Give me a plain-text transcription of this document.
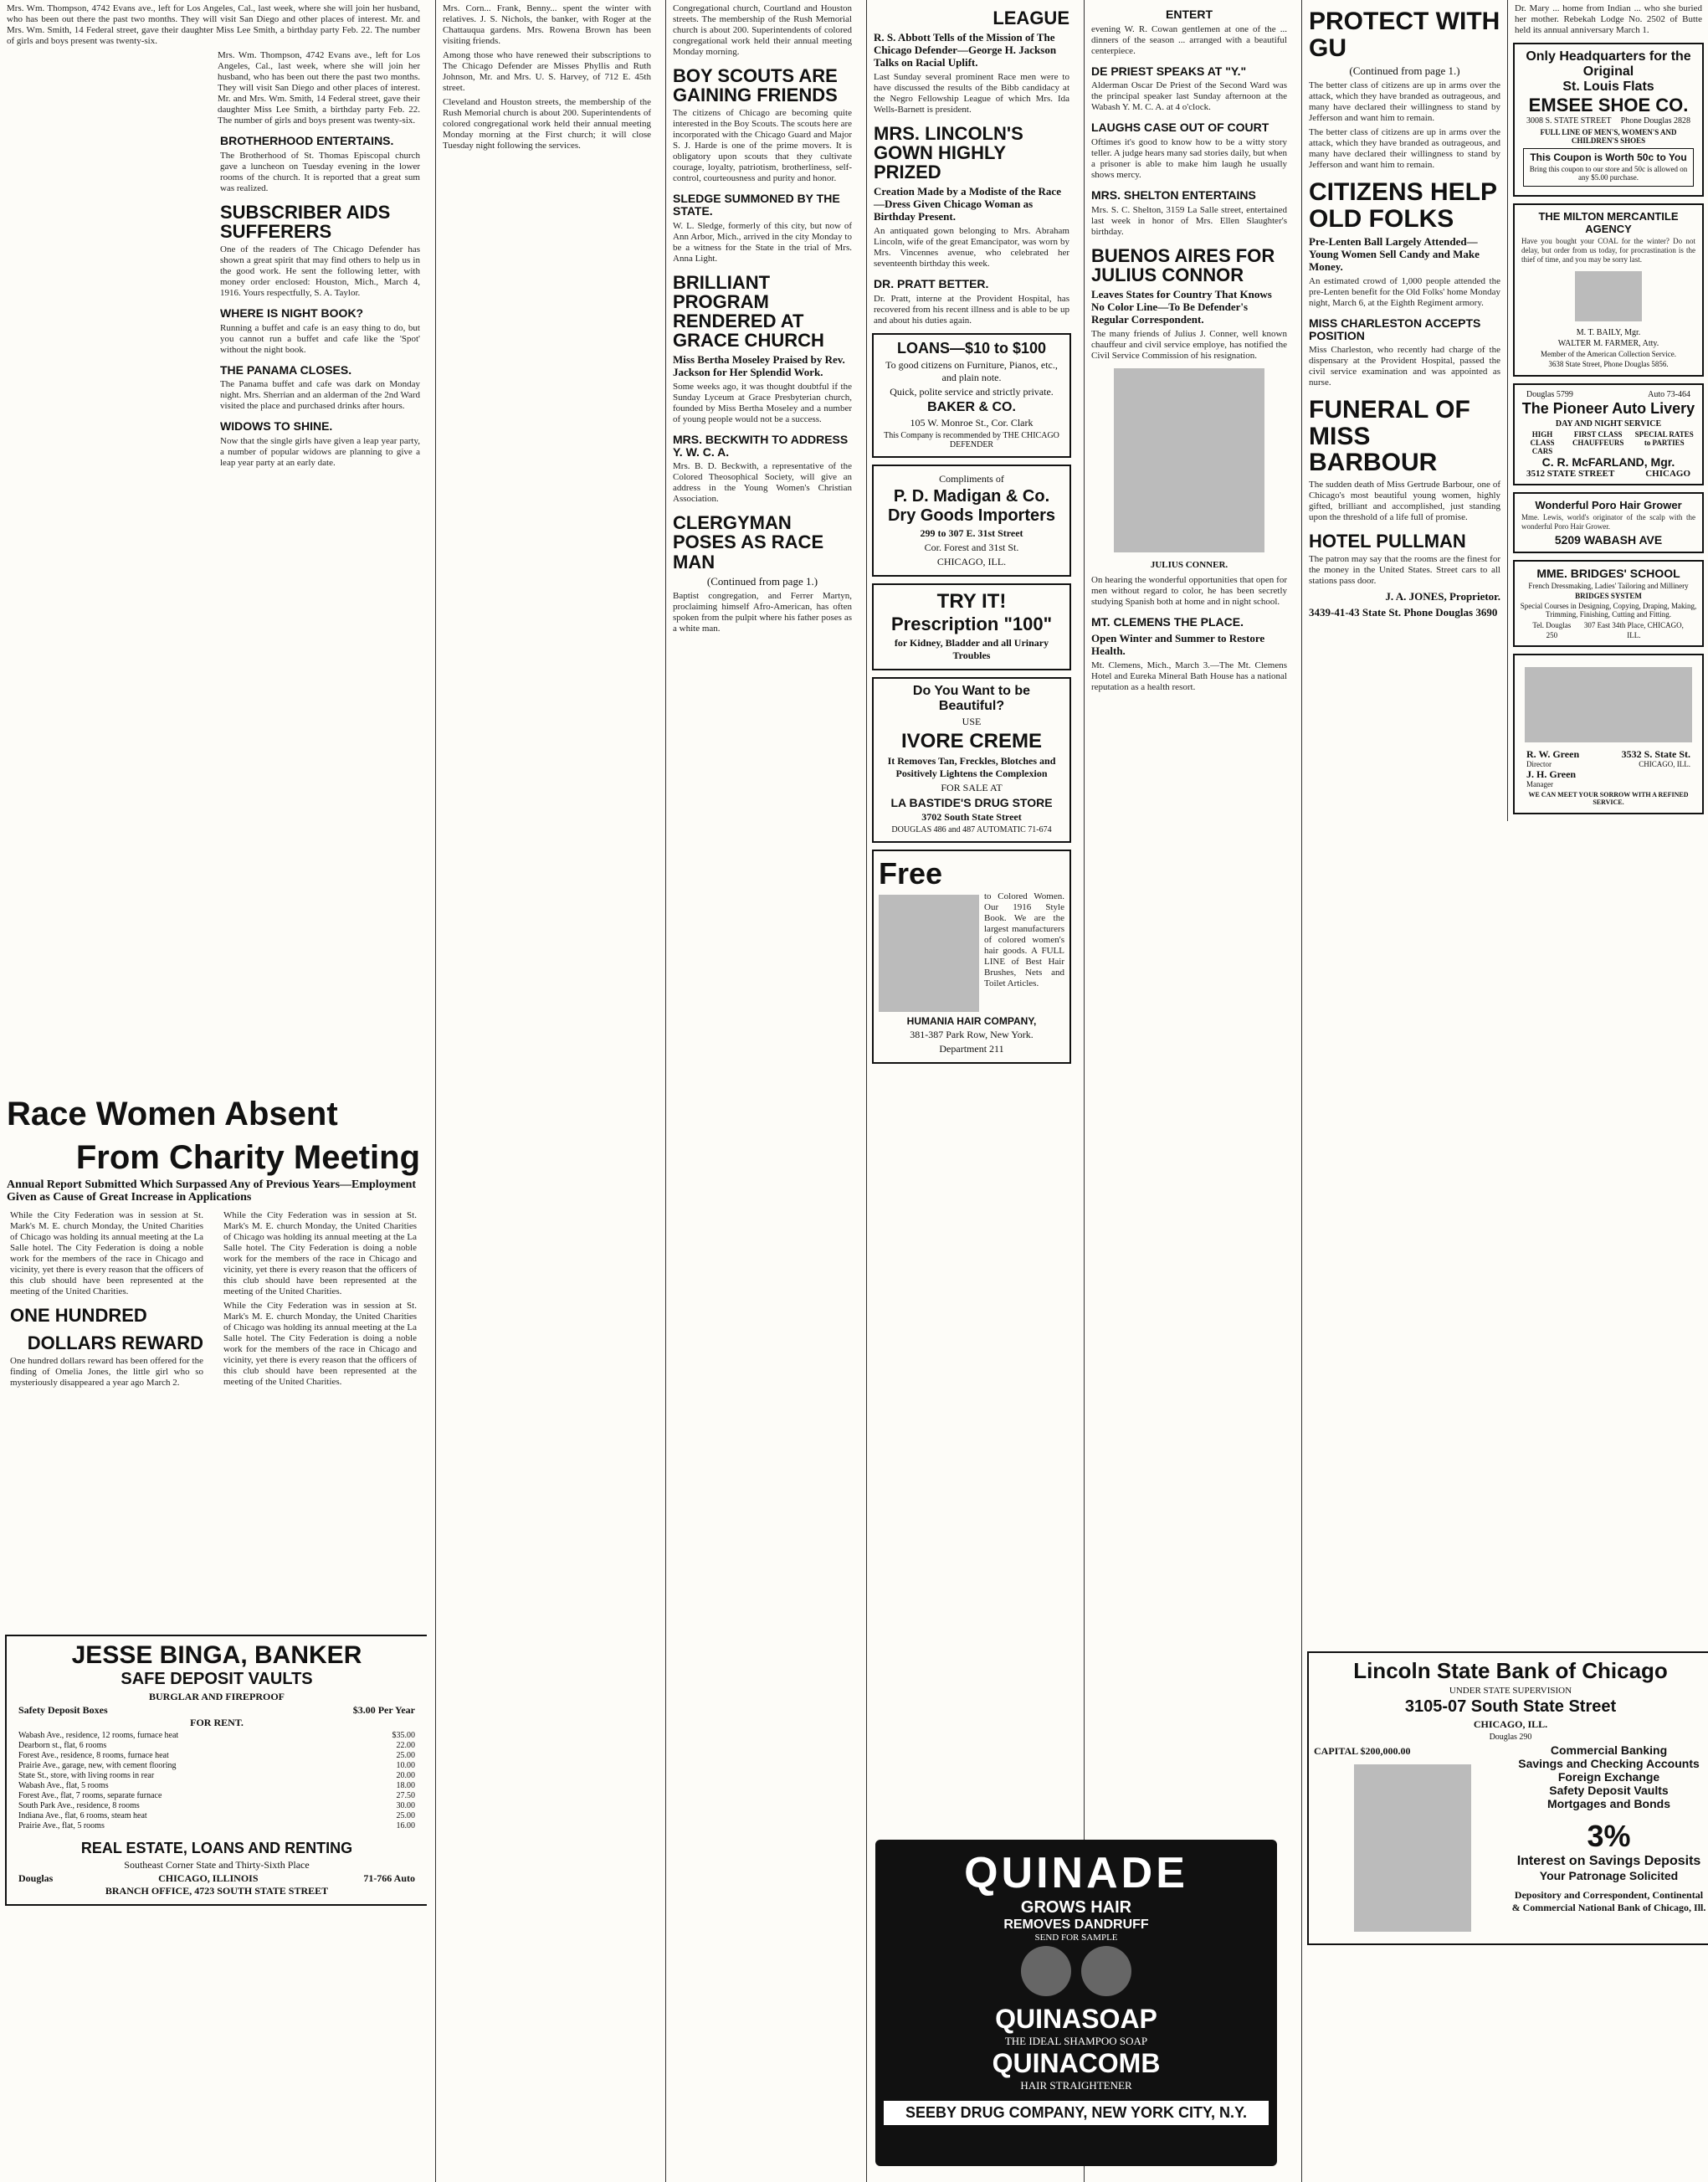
Mrs. Wm. Thompson, 4742 Evans ave., left for Los Angeles, Cal., last week, where she will join her husband, who has been out there the past two months. They will visit San Diego and other places of interest. Mr. and Mrs. Wm. Smith, 14 Federal street, gave their daughter Miss Lee Smith, a birthday party Feb. 22. The number of girls and boys present was twenty-six.

Mrs. Wm. Thompson, 4742 Evans ave., left for Los Angeles, Cal., last week, where she will join her husband, who has been out there the past two months. They will visit San Diego and other places of interest. Mr. and Mrs. Wm. Smith, 14 Federal street, gave their daughter Miss Lee Smith, a birthday party Feb. 22. The number of girls and boys present was twenty-six.

BROTHERHOOD ENTERTAINS.

The Brotherhood of St. Thomas Episcopal church gave a luncheon on Tuesday evening in the lower rooms of the church. It is reported that a great sum was realized.

SUBSCRIBER AIDS SUFFERERS

One of the readers of The Chicago Defender has shown a great spirit that may find others to help us in the good work. He sent the following letter, with money order enclosed: Houston, Mich., March 4, 1916. Yours respectfully, S. A. Taylor.

WHERE IS NIGHT BOOK?

Running a buffet and cafe is an easy thing to do, but you cannot run a buffet and cafe like the 'Spot' without the night book.

THE PANAMA CLOSES.

The Panama buffet and cafe was dark on Monday night. Mrs. Sherrian and an alderman of the 2nd Ward visited the place and purchased drinks after hours.

WIDOWS TO SHINE.

Now that the single girls have given a leap year party, a number of popular widows are planning to give a leap year party at an early date.

Race Women Absent
From Charity Meeting
Annual Report Submitted Which Surpassed Any of Previous Years—Employment Given as Cause of Great Increase in Applications

While the City Federation was in session at St. Mark's M. E. church Monday, the United Charities of Chicago was holding its annual meeting at the La Salle hotel. The City Federation is doing a noble work for the members of the race in Chicago and vicinity, yet there is every reason that the officers of this club should have been represented at the meeting of the United Charities.

ONE HUNDRED
DOLLARS REWARD

One hundred dollars reward has been offered for the finding of Omelia Jones, the little girl who so mysteriously disappeared a year ago March 2.

While the City Federation was in session at St. Mark's M. E. church Monday, the United Charities of Chicago was holding its annual meeting at the La Salle hotel. The City Federation is doing a noble work for the members of the race in Chicago and vicinity, yet there is every reason that the officers of this club should have been represented at the meeting of the United Charities.

While the City Federation was in session at St. Mark's M. E. church Monday, the United Charities of Chicago was holding its annual meeting at the La Salle hotel. The City Federation is doing a noble work for the members of the race in Chicago and vicinity, yet there is every reason that the officers of this club should have been represented at the meeting of the United Charities.

JESSE BINGA, BANKER
SAFE DEPOSIT VAULTS
BURGLAR AND FIREPROOF
Safety Deposit Boxes	$3.00 Per Year
FOR RENT.
Wabash Ave., residence, 12 rooms, furnace heat	$35.00
Dearborn st., flat, 6 rooms	22.00
Forest Ave., residence, 8 rooms, furnace heat	25.00
Prairie Ave., garage, new, with cement flooring	10.00
State St., store, with living rooms in rear	20.00
Wabash Ave., flat, 5 rooms	18.00
Forest Ave., flat, 7 rooms, separate furnace	27.50
South Park Ave., residence, 8 rooms	30.00
Indiana Ave., flat, 6 rooms, steam heat	25.00
Prairie Ave., flat, 5 rooms	16.00
REAL ESTATE, LOANS AND RENTING
Southeast Corner State and Thirty-Sixth Place
Douglas	CHICAGO, ILLINOIS	71-766 Auto
BRANCH OFFICE, 4723 SOUTH STATE STREET

Mrs. Corn... Frank, Benny... spent the winter with relatives. J. S. Nichols, the banker, with Roger at the Chattauqua gardens. Mrs. Rowena Brown has been visiting friends.

Among those who have renewed their subscriptions to The Chicago Defender are Misses Phyllis and Ruth Johnson, Mr. and Mrs. U. S. Harvey, of 712 E. 45th street.

Cleveland and Houston streets, the membership of the Rush Memorial church is about 200. Superintendents of colored congregational work held their annual meeting Monday morning at the First church; it will close Tuesday night following the services.

Congregational church, Courtland and Houston streets. The membership of the Rush Memorial church is about 200. Superintendents of colored congregational work held their annual meeting Monday morning.

BOY SCOUTS ARE GAINING FRIENDS

The citizens of Chicago are becoming quite interested in the Boy Scouts. The scouts here are incorporated with the Chicago Guard and Major S. J. Harde is one of the prime movers. It is obligatory upon scouts that they cultivate courage, loyalty, patriotism, brotherliness, self-control, courteousness and purity and honor.

SLEDGE SUMMONED BY THE STATE.

W. L. Sledge, formerly of this city, but now of Ann Arbor, Mich., arrived in the city Monday to be a witness for the State in the trial of Mrs. Anna Light.

BRILLIANT PROGRAM RENDERED AT GRACE CHURCH
Miss Bertha Moseley Praised by Rev. Jackson for Her Splendid Work.

Some weeks ago, it was thought doubtful if the Sunday Lyceum at Grace Presbyterian church, founded by Miss Bertha Moseley and a number of young people would not be a success.

MRS. BECKWITH TO ADDRESS Y. W. C. A.

Mrs. B. D. Beckwith, a representative of the Colored Theosophical Society, will give an address in the Young Women's Christian Association.

CLERGYMAN POSES AS RACE MAN
(Continued from page 1.)

Baptist congregation, and Ferrer Martyn, proclaiming himself Afro-American, has often spoken from the pulpit where his father poses as a white man.

LEAGUE
R. S. Abbott Tells of the Mission of The Chicago Defender—George H. Jackson Talks on Racial Uplift.

Last Sunday several prominent Race men were to have discussed the results of the Bibb candidacy at the Negro Fellowship League of which Mrs. Ida Wells-Barnett is president.

MRS. LINCOLN'S GOWN HIGHLY PRIZED
Creation Made by a Modiste of the Race—Dress Given Chicago Woman as Birthday Present.

An antiquated gown belonging to Mrs. Abraham Lincoln, wife of the great Emancipator, was worn by Mrs. Vincennes avenue, who celebrated her seventeenth birthday this week.

DR. PRATT BETTER.

Dr. Pratt, interne at the Provident Hospital, has recovered from his recent illness and is able to be up and about his duties again.

LOANS—$10 to $100
To good citizens on Furniture, Pianos, etc., and plain note.
Quick, polite service and strictly private.
BAKER & CO.
105 W. Monroe St., Cor. Clark
This Company is recommended by THE CHICAGO DEFENDER
Compliments of
P. D. Madigan & Co.
Dry Goods Importers
299 to 307 E. 31st Street
Cor. Forest and 31st St.
CHICAGO, ILL.
TRY IT!
Prescription "100"
for Kidney, Bladder and all Urinary Troubles
Do You Want to be Beautiful?
USE
IVORE CREME
It Removes Tan, Freckles, Blotches and Positively Lightens the Complexion
FOR SALE AT
LA BASTIDE'S DRUG STORE
3702 South State Street
DOUGLAS 486 and 487 AUTOMATIC 71-674
Free

to Colored Women. Our 1916 Style Book. We are the largest manufacturers of colored women's hair goods. A FULL LINE of Best Hair Brushes, Nets and Toilet Articles.

HUMANIA HAIR COMPANY,
381-387 Park Row, New York.
Department 211
ENTERT

evening W. R. Cowan gentlemen at one of the ... dinners of the season ... arranged with a beautiful centerpiece.

DE PRIEST SPEAKS AT "Y."

Alderman Oscar De Priest of the Second Ward was the principal speaker last Sunday afternoon at the Wabash Y. M. C. A. at 4 o'clock.

LAUGHS CASE OUT OF COURT

Oftimes it's good to know how to be a witty story teller. A judge hears many sad stories daily, but when a prisoner is able to make him laugh he usually shows mercy.

MRS. SHELTON ENTERTAINS

Mrs. S. C. Shelton, 3159 La Salle street, entertained last week in honor of Mrs. Ellen Slaughter's birthday.

BUENOS AIRES FOR JULIUS CONNOR
Leaves States for Country That Knows No Color Line—To Be Defender's Regular Correspondent.

The many friends of Julius J. Conner, well known chauffeur and civil service employe, has notified the Civil Service Commission of his resignation.

JULIUS CONNER.

On hearing the wonderful opportunities that open for men without regard to color, he has been secretly studying Spanish both at home and in night school.

MT. CLEMENS THE PLACE.
Open Winter and Summer to Restore Health.

Mt. Clemens, Mich., March 3.—The Mt. Clemens Hotel and Eureka Mineral Bath House has a national reputation as a health resort.

QUINADE
GROWS HAIR
REMOVES DANDRUFF
SEND FOR SAMPLE

QUINASOAP
THE IDEAL SHAMPOO SOAP
QUINACOMB
HAIR STRAIGHTENER
SEEBY DRUG COMPANY, NEW YORK CITY, N.Y.
PROTECT WITH GU
(Continued from page 1.)

The better class of citizens are up in arms over the attack, which they have branded as outrageous, and many have declared their willingness to stand by Jefferson and want him to remain.

The better class of citizens are up in arms over the attack, which they have branded as outrageous, and many have declared their willingness to stand by Jefferson and want him to remain.

CITIZENS HELP OLD FOLKS
Pre-Lenten Ball Largely Attended—Young Women Sell Candy and Make Money.

An estimated crowd of 1,000 people attended the pre-Lenten benefit for the Old Folks' home Monday night, March 6, at the Eighth Regiment armory.

MISS CHARLESTON ACCEPTS POSITION

Miss Charleston, who recently had charge of the dispensary at the Provident Hospital, passed the civil service examination and was appointed as nurse.

FUNERAL OF MISS BARBOUR

The sudden death of Miss Gertrude Barbour, one of Chicago's most beautiful young women, highly gifted, brilliant and accomplished, just standing upon the threshold of a life full of promise.

HOTEL PULLMAN

The patron may say that the rooms are the finest for the money in the United States. Street cars to all stations pass door.

J. A. JONES, Proprietor.
3439-41-43 State St. Phone Douglas 3690

Dr. Mary ... home from Indian ... who she buried her mother. Rebekah Lodge No. 2502 of Butte held its annual anniversary March 1.

Only Headquarters for the Original
St. Louis Flats
EMSEE SHOE CO.
3008 S. STATE STREET Phone Douglas 2828
FULL LINE OF MEN'S, WOMEN'S AND CHILDREN'S SHOES
This Coupon is Worth 50c to You
Bring this coupon to our store and 50c is allowed on any $5.00 purchase.
THE MILTON MERCANTILE AGENCY

Have you bought your COAL for the winter? Do not delay, but order from us today, for procrastination is the thief of time, and you may be sorry last.

M. T. BAILY, Mgr.
WALTER M. FARMER, Atty.
Member of the American Collection Service.
3638 State Street, Phone Douglas 5856.
Douglas 5799	Auto 73-464
The Pioneer Auto Livery
DAY AND NIGHT SERVICE
HIGH CLASS CARS
FIRST CLASS CHAUFFEURS
SPECIAL RATES to PARTIES
C. R. McFARLAND, Mgr.
3512 STATE STREET	CHICAGO
Wonderful Poro Hair Grower

Mme. Lewis, world's originator of the scalp with the wonderful Poro Hair Grower.

5209 WABASH AVE
MME. BRIDGES' SCHOOL
French Dressmaking, Ladies' Tailoring and Millinery
BRIDGES SYSTEM
Special Courses in Designing, Copying, Draping, Making, Trimming, Finishing, Cutting and Fitting.
Tel. Douglas 250
307 East 34th Place, CHICAGO, ILL.
R. W. Green	3532 S. State St.
Director	CHICAGO, ILL.
J. H. Green
Manager
WE CAN MEET YOUR SORROW WITH A REFINED SERVICE.
Lincoln State Bank of Chicago
UNDER STATE SUPERVISION
3105-07 South State Street
CHICAGO, ILL.
Douglas 290
CAPITAL $200,000.00	Commercial Banking
Savings and Checking Accounts
Foreign Exchange
Safety Deposit Vaults
Mortgages and Bonds
3%
Interest on Savings Deposits
Your Patronage Solicited
Depository and Correspondent, Continental & Commercial National Bank of Chicago, Ill.
